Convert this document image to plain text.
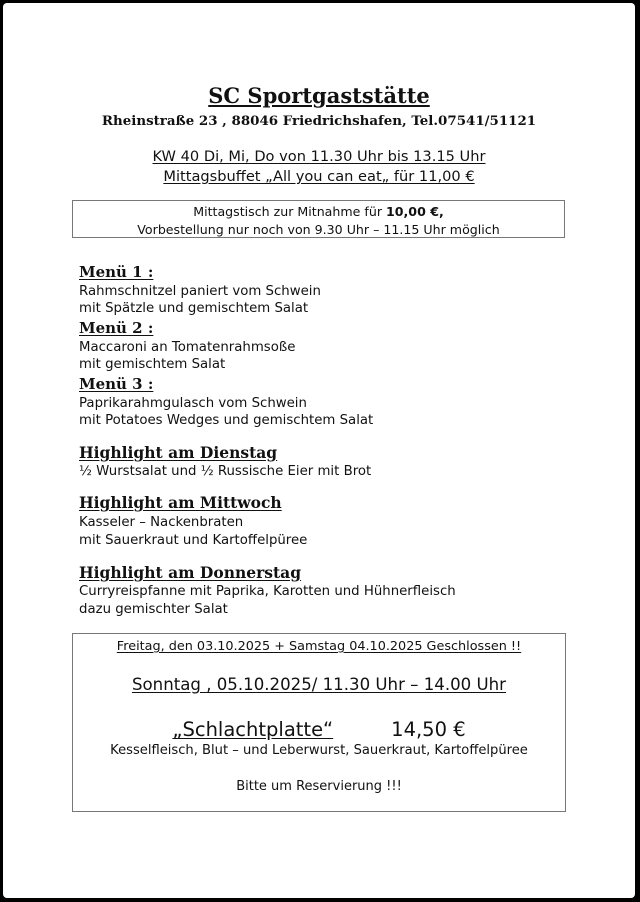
SC Sportgaststätte
Rheinstraße 23 , 88046 Friedrichshafen, Tel.07541/51121
KW 40 Di, Mi, Do von 11.30 Uhr bis 13.15 Uhr
Mittagsbuffet „All you can eat„ für 11,00 €
Mittagstisch zur Mitnahme für 10,00 €,
Vorbestellung nur noch von 9.30 Uhr – 11.15 Uhr möglich
Menü 1 :
Rahmschnitzel paniert vom Schwein
mit Spätzle und gemischtem Salat
Menü 2 :
Maccaroni an Tomatenrahmsoße
mit gemischtem Salat
Menü 3 :
Paprikarahmgulasch vom Schwein
mit Potatoes Wedges und gemischtem Salat
Highlight am Dienstag
½ Wurstsalat und ½ Russische Eier mit Brot
Highlight am Mittwoch
Kasseler – Nackenbraten
mit Sauerkraut und Kartoffelpüree
Highlight am Donnerstag
Curryreispfanne mit Paprika, Karotten und Hühnerfleisch
dazu gemischter Salat
Freitag, den 03.10.2025 + Samstag 04.10.2025 Geschlossen !!
Sonntag , 05.10.2025/ 11.30 Uhr – 14.00 Uhr
„Schlachtplatte“	14,50 €
Kesselfleisch, Blut – und Leberwurst, Sauerkraut, Kartoffelpüree
Bitte um Reservierung !!!
